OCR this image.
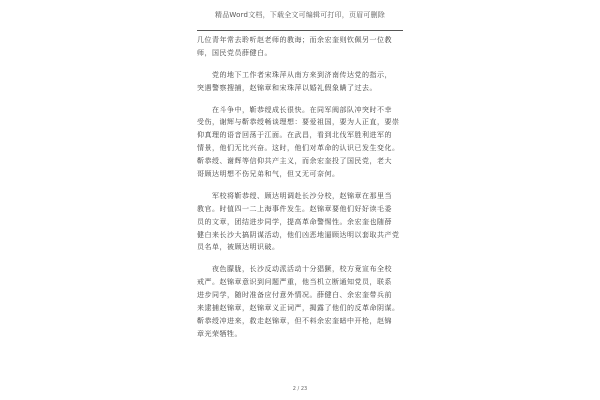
精品Word文档，下载全文可编辑可打印，页眉可删除

几位青年常去聆听赵老师的教诲；而余宏奎则钦佩另一位教
师，国民党员薛健白。

　　党的地下工作者宋珠萍从南方来到济南传达党的指示，
突遇警察搜捕，赵锦章和宋珠萍以婚礼假象瞒了过去。

　　在斗争中，靳恭绶成长很快。在同军阀部队冲突时不幸
受伤，谢辉与靳恭绶畅谈理想：要爱祖国，要为人正直，要崇
仰真理的语音回荡于江面。在武昌，看到北伐军胜利进军的
情景，他们无比兴奋。这时，他们对革命的认识已发生变化。
靳恭绶、谢辉等信仰共产主义，而余宏奎投了国民党，老大
哥顾达明想不伤兄弟和气，但又无可奈何。

　　军校将靳恭绶、顾达明调赴长沙分校，赵锦章在那里当
教官。时值四一二上海事件发生。赵锦章要他们好好读毛委
员的文章，团结进步同学，提高革命警惕性。余宏奎也随薛
健白来长沙大搞阴谋活动，他们凶恶地逼顾达明以套取共产党
员名单，被顾达明识破。

　　夜色朦胧，长沙反动派活动十分猖獗，校方竟宣布全校
戒严。赵锦章意识到问题严重，他当机立断通知党员，联系
进步同学，随时准备应付意外情况。薛健白、余宏奎带兵前
来逮捕赵锦章，赵锦章义正词严，揭露了他们的反革命阴谋。
靳恭绶冲进来，救走赵锦章，但不料余宏奎暗中开枪，赵锦
章光荣牺牲。

2 / 23
